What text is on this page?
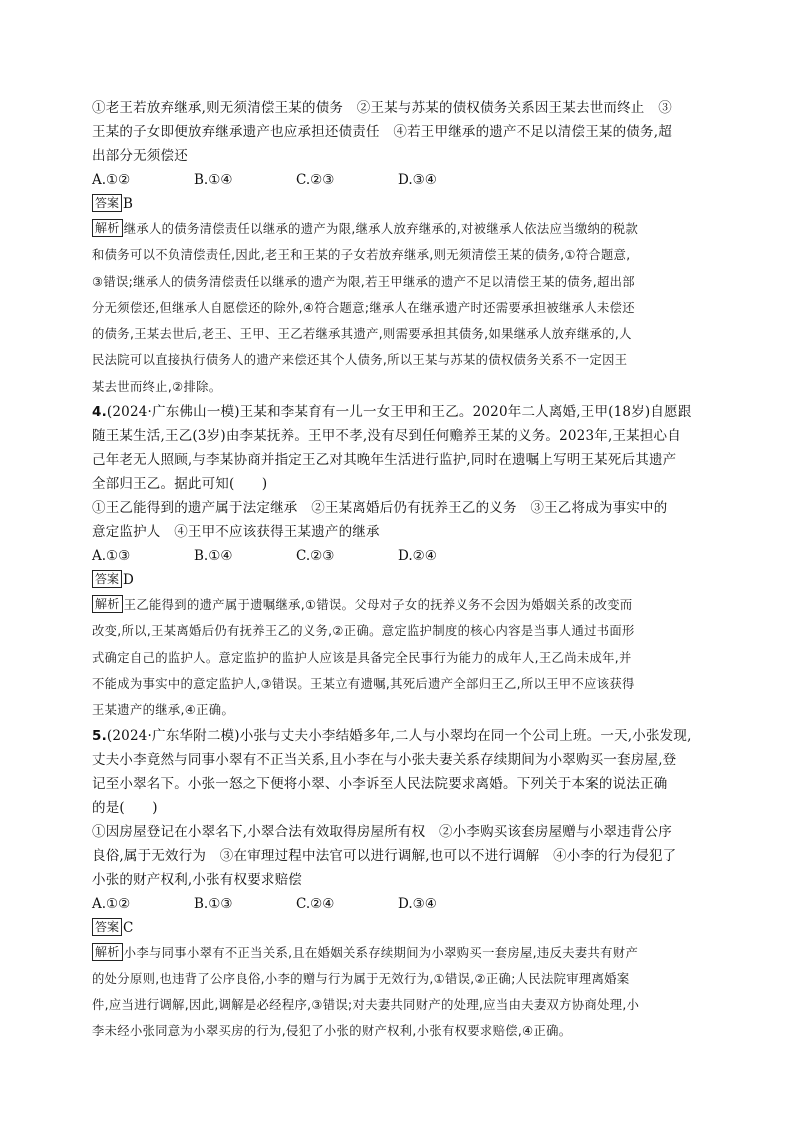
①老王若放弃继承,则无须清偿王某的债务　②王某与苏某的债权债务关系因王某去世而终止　③
王某的子女即便放弃继承遗产也应承担还债责任　④若王甲继承的遗产不足以清偿王某的债务,超
出部分无须偿还
A.①②	B.①④	C.②③	D.③④
答案 B
解析 继承人的债务清偿责任以继承的遗产为限,继承人放弃继承的,对被继承人依法应当缴纳的税款
和债务可以不负清偿责任,因此,老王和王某的子女若放弃继承,则无须清偿王某的债务,①符合题意,
③错误;继承人的债务清偿责任以继承的遗产为限,若王甲继承的遗产不足以清偿王某的债务,超出部
分无须偿还,但继承人自愿偿还的除外,④符合题意;继承人在继承遗产时还需要承担被继承人未偿还
的债务,王某去世后,老王、王甲、王乙若继承其遗产,则需要承担其债务,如果继承人放弃继承的,人
民法院可以直接执行债务人的遗产来偿还其个人债务,所以王某与苏某的债权债务关系不一定因王
某去世而终止,②排除。
4.(2024·广东佛山一模)王某和李某育有一儿一女王甲和王乙。2020年二人离婚,王甲(18岁)自愿跟
随王某生活,王乙(3岁)由李某抚养。王甲不孝,没有尽到任何赡养王某的义务。2023年,王某担心自
己年老无人照顾,与李某协商并指定王乙对其晚年生活进行监护,同时在遗嘱上写明王某死后其遗产
全部归王乙。据此可知(　　)
①王乙能得到的遗产属于法定继承　②王某离婚后仍有抚养王乙的义务　③王乙将成为事实中的
意定监护人　④王甲不应该获得王某遗产的继承
A.①③	B.①④	C.②③	D.②④
答案 D
解析 王乙能得到的遗产属于遗嘱继承,①错误。父母对子女的抚养义务不会因为婚姻关系的改变而
改变,所以,王某离婚后仍有抚养王乙的义务,②正确。意定监护制度的核心内容是当事人通过书面形
式确定自己的监护人。意定监护的监护人应该是具备完全民事行为能力的成年人,王乙尚未成年,并
不能成为事实中的意定监护人,③错误。王某立有遗嘱,其死后遗产全部归王乙,所以王甲不应该获得
王某遗产的继承,④正确。
5.(2024·广东华附二模)小张与丈夫小李结婚多年,二人与小翠均在同一个公司上班。一天,小张发现,
丈夫小李竟然与同事小翠有不正当关系,且小李在与小张夫妻关系存续期间为小翠购买一套房屋,登
记至小翠名下。小张一怒之下便将小翠、小李诉至人民法院要求离婚。下列关于本案的说法正确
的是(　　)
①因房屋登记在小翠名下,小翠合法有效取得房屋所有权　②小李购买该套房屋赠与小翠违背公序
良俗,属于无效行为　③在审理过程中法官可以进行调解,也可以不进行调解　④小李的行为侵犯了
小张的财产权利,小张有权要求赔偿
A.①②	B.①③	C.②④	D.③④
答案 C
解析 小李与同事小翠有不正当关系,且在婚姻关系存续期间为小翠购买一套房屋,违反夫妻共有财产
的处分原则,也违背了公序良俗,小李的赠与行为属于无效行为,①错误,②正确;人民法院审理离婚案
件,应当进行调解,因此,调解是必经程序,③错误;对夫妻共同财产的处理,应当由夫妻双方协商处理,小
李未经小张同意为小翠买房的行为,侵犯了小张的财产权利,小张有权要求赔偿,④正确。
